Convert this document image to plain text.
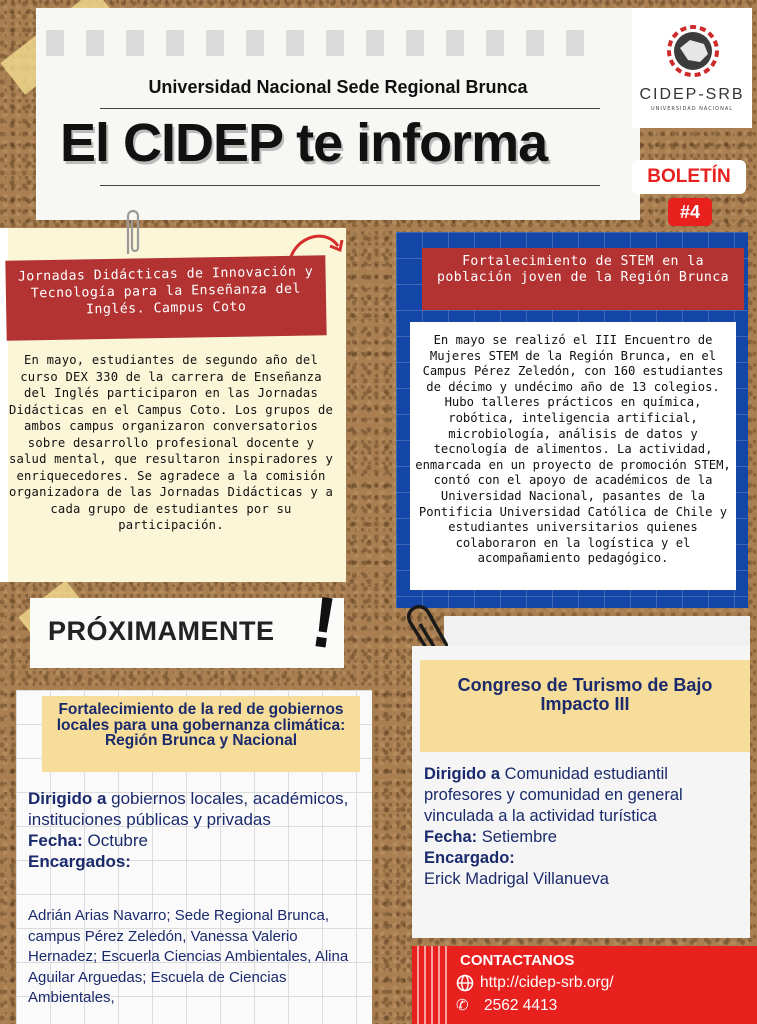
Universidad Nacional Sede Regional Brunca
El CIDEP te informa
CIDEP-SRB
UNIVERSIDAD NACIONAL
BOLETÍN
#4
Jornadas Didácticas de Innovación y Tecnología para la Enseñanza del Inglés. Campus Coto
En mayo, estudiantes de segundo año del curso DEX 330 de la carrera de Enseñanza del Inglés participaron en las Jornadas Didácticas en el Campus Coto. Los grupos de ambos campus organizaron conversatorios sobre desarrollo profesional docente y salud mental, que resultaron inspiradores y enriquecedores. Se agradece a la comisión organizadora de las Jornadas Didácticas y a cada grupo de estudiantes por su participación.
Fortalecimiento de STEM en la población joven de la Región Brunca
En mayo se realizó el III Encuentro de Mujeres STEM de la Región Brunca, en el Campus Pérez Zeledón, con 160 estudiantes de décimo y undécimo año de 13 colegios. Hubo talleres prácticos en química, robótica, inteligencia artificial, microbiología, análisis de datos y tecnología de alimentos. La actividad, enmarcada en un proyecto de promoción STEM, contó con el apoyo de académicos de la Universidad Nacional, pasantes de la Pontificia Universidad Católica de Chile y estudiantes universitarios quienes colaboraron en la logística y el acompañamiento pedagógico.
PRÓXIMAMENTE !
Fortalecimiento de la red de gobiernos locales para una gobernanza climática: Región Brunca y Nacional
Dirigido a gobiernos locales, académicos, instituciones públicas y privadas
Fecha: Octubre
Encargados:
Adrián Arias Navarro; Sede Regional Brunca, campus Pérez Zeledón, Vanessa Valerio Hernadez; Escuerla Ciencias Ambientales, Alina Aguilar Arguedas; Escuela de Ciencias Ambientales,
Congreso de Turismo de Bajo Impacto III
Dirigido a Comunidad estudiantil profesores y comunidad en general vinculada a la actividad turística
Fecha: Setiembre
Encargado:
Erick Madrigal Villanueva
CONTACTANOS
http://cidep-srb.org/
✆ 2562 4413
